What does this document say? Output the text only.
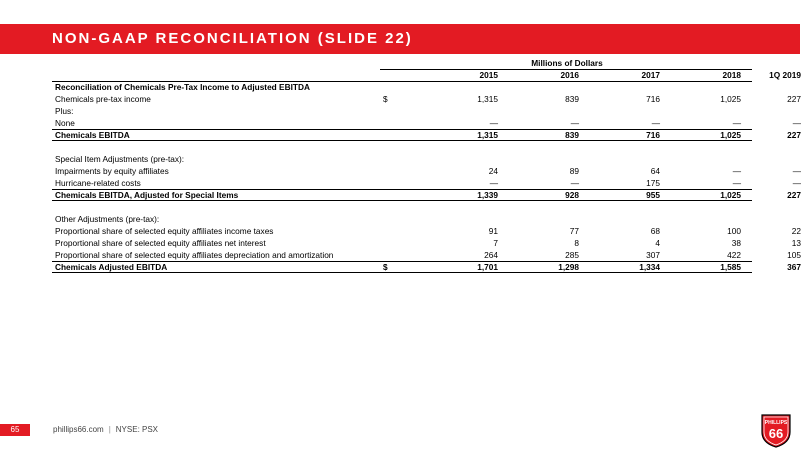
NON-GAAP RECONCILIATION (SLIDE 22)
Millions of Dollars
2015	2016	2017	2018	1Q 2019
Reconciliation of Chemicals Pre-Tax Income to Adjusted EBITDA
Chemicals pre-tax income	$	1,315	839	716	1,025	227
Plus:
None	—	—	—	—	—
Chemicals EBITDA	1,315	839	716	1,025	227
Special Item Adjustments (pre-tax):
Impairments by equity affiliates	24	89	64	—	—
Hurricane-related costs	—	—	175	—	—
Chemicals EBITDA, Adjusted for Special Items	1,339	928	955	1,025	227
Other Adjustments (pre-tax):
Proportional share of selected equity affiliates income taxes	91	77	68	100	22
Proportional share of selected equity affiliates net interest	7	8	4	38	13
Proportional share of selected equity affiliates depreciation and amortization	264	285	307	422	105
Chemicals Adjusted EBITDA	$	1,701	1,298	1,334	1,585	367
65	phillips66.com | NYSE: PSX
PHILLIPS
66
